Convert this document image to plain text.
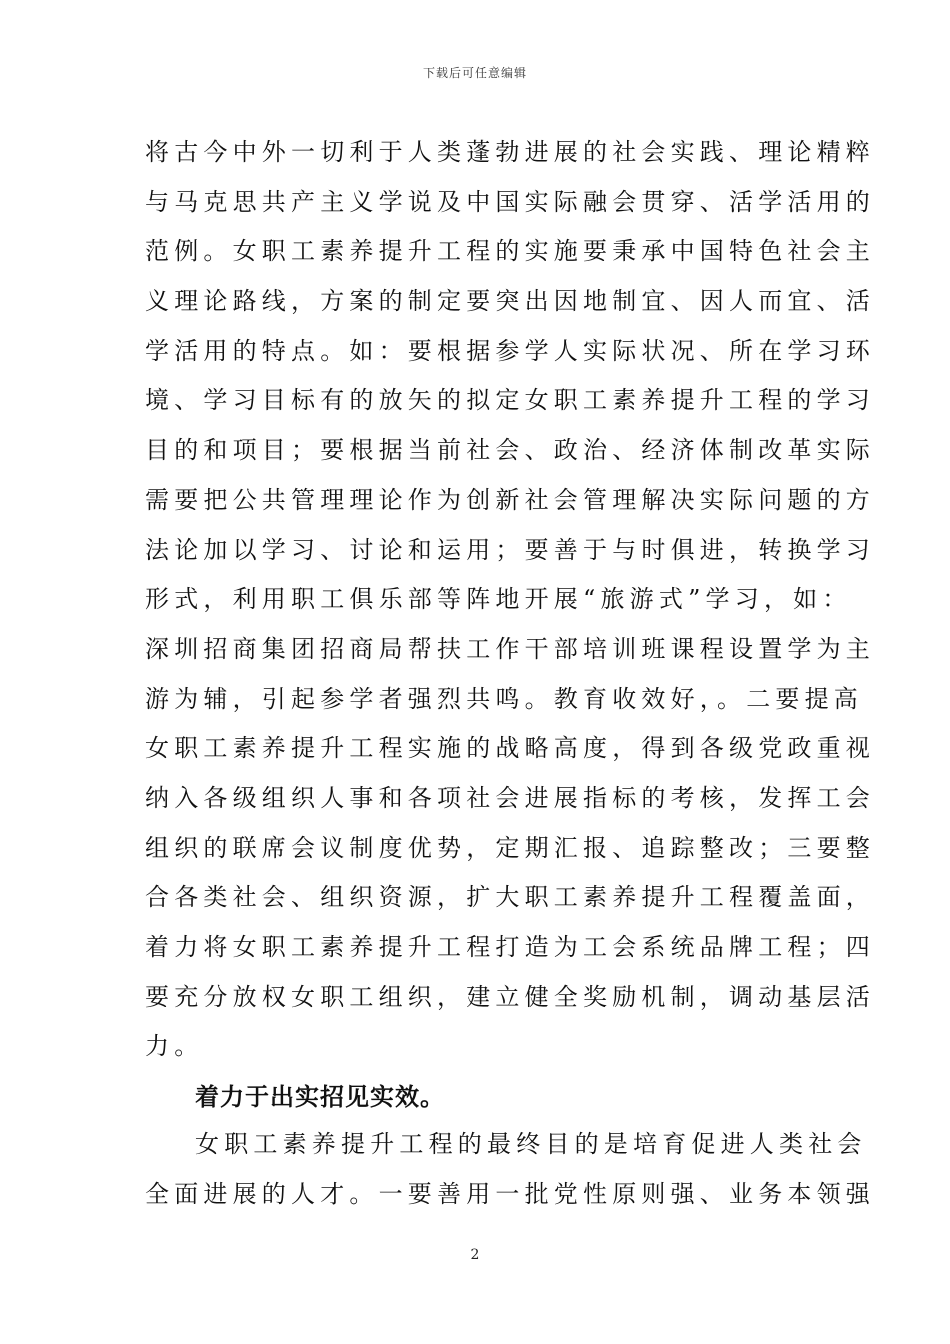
下载后可任意编辑
将古今中外一切利于人类蓬勃进展的社会实践、理论精粹
与马克思共产主义学说及中国实际融会贯穿、活学活用的
范例。女职工素养提升工程的实施要秉承中国特色社会主
义理论路线，方案的制定要突出因地制宜、因人而宜、活
学活用的特点。如：要根据参学人实际状况、所在学习环
境、学习目标有的放矢的拟定女职工素养提升工程的学习
目的和项目；要根据当前社会、政治、经济体制改革实际
需要把公共管理理论作为创新社会管理解决实际问题的方
法论加以学习、讨论和运用；要善于与时俱进，转换学习
形式，利用职工俱乐部等阵地开展“旅游式”学习，如：
深圳招商集团招商局帮扶工作干部培训班课程设置学为主
游为辅，引起参学者强烈共鸣。教育收效好，。二要提高
女职工素养提升工程实施的战略高度，得到各级党政重视
纳入各级组织人事和各项社会进展指标的考核，发挥工会
组织的联席会议制度优势，定期汇报、追踪整改；三要整
合各类社会、组织资源，扩大职工素养提升工程覆盖面，
着力将女职工素养提升工程打造为工会系统品牌工程；四
要充分放权女职工组织，建立健全奖励机制，调动基层活
力。
着力于出实招见实效。
女职工素养提升工程的最终目的是培育促进人类社会
全面进展的人才。一要善用一批党性原则强、业务本领强
2
